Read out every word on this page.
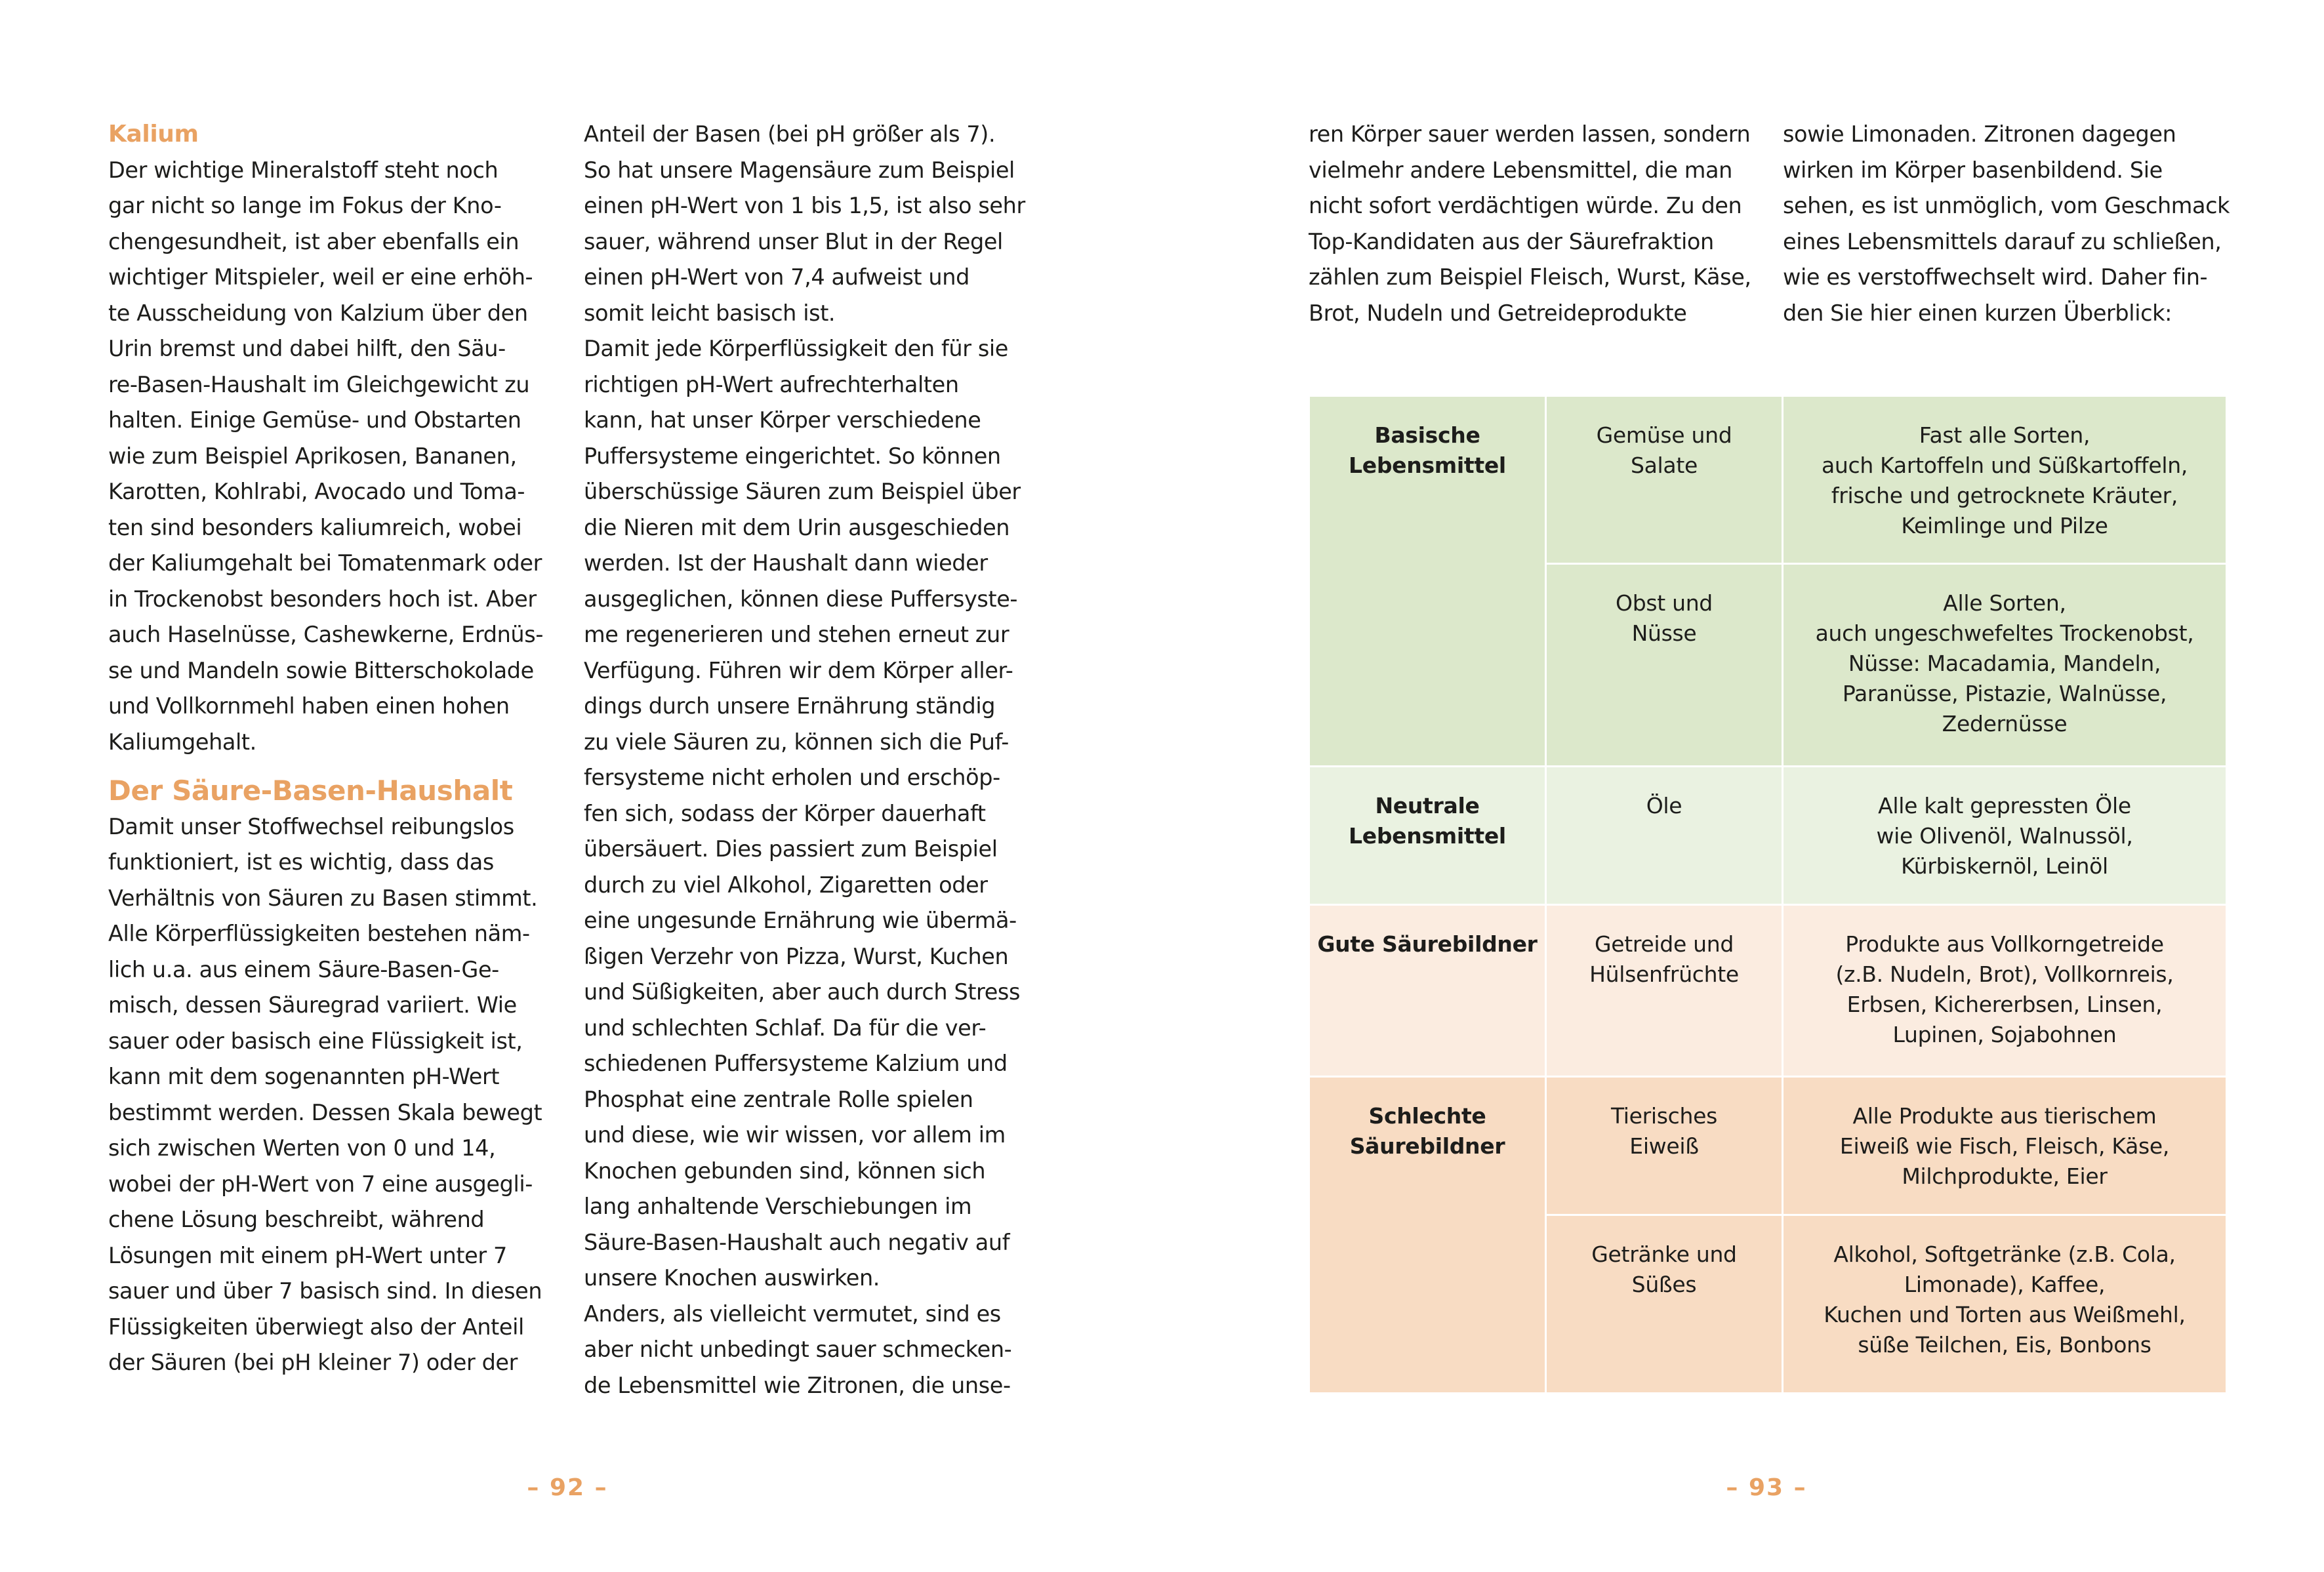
Kalium

Der wichtige Mineralstoff steht noch

gar nicht so lange im Fokus der Kno-

chengesundheit, ist aber ebenfalls ein

wichtiger Mitspieler, weil er eine erhöh-

te Ausscheidung von Kalzium über den

Urin bremst und dabei hilft, den Säu-

re-Basen-Haushalt im Gleichgewicht zu

halten. Einige Gemüse- und Obstarten

wie zum Beispiel Aprikosen, Bananen,

Karotten, Kohlrabi, Avocado und Toma-

ten sind besonders kaliumreich, wobei

der Kaliumgehalt bei Tomatenmark oder

in Trockenobst besonders hoch ist. Aber

auch Haselnüsse, Cashewkerne, Erdnüs-

se und Mandeln sowie Bitterschokolade

und Vollkornmehl haben einen hohen

Kaliumgehalt.

Der Säure-Basen-Haushalt

Damit unser Stoffwechsel reibungslos

funktioniert, ist es wichtig, dass das

Verhältnis von Säuren zu Basen stimmt.

Alle Körperflüssigkeiten bestehen näm-

lich u.a. aus einem Säure-Basen-Ge-

misch, dessen Säuregrad variiert. Wie

sauer oder basisch eine Flüssigkeit ist,

kann mit dem sogenannten pH-Wert

bestimmt werden. Dessen Skala bewegt

sich zwischen Werten von 0 und 14,

wobei der pH-Wert von 7 eine ausgegli-

chene Lösung beschreibt, während

Lösungen mit einem pH-Wert unter 7

sauer und über 7 basisch sind. In diesen

Flüssigkeiten überwiegt also der Anteil

der Säuren (bei pH kleiner 7) oder der

Anteil der Basen (bei pH größer als 7).

So hat unsere Magensäure zum Beispiel

einen pH-Wert von 1 bis 1,5, ist also sehr

sauer, während unser Blut in der Regel

einen pH-Wert von 7,4 aufweist und

somit leicht basisch ist.

Damit jede Körperflüssigkeit den für sie

richtigen pH-Wert aufrechterhalten

kann, hat unser Körper verschiedene

Puffersysteme eingerichtet. So können

überschüssige Säuren zum Beispiel über

die Nieren mit dem Urin ausgeschieden

werden. Ist der Haushalt dann wieder

ausgeglichen, können diese Puffersyste-

me regenerieren und stehen erneut zur

Verfügung. Führen wir dem Körper aller-

dings durch unsere Ernährung ständig

zu viele Säuren zu, können sich die Puf-

fersysteme nicht erholen und erschöp-

fen sich, sodass der Körper dauerhaft

übersäuert. Dies passiert zum Beispiel

durch zu viel Alkohol, Zigaretten oder

eine ungesunde Ernährung wie übermä-

ßigen Verzehr von Pizza, Wurst, Kuchen

und Süßigkeiten, aber auch durch Stress

und schlechten Schlaf. Da für die ver-

schiedenen Puffersysteme Kalzium und

Phosphat eine zentrale Rolle spielen

und diese, wie wir wissen, vor allem im

Knochen gebunden sind, können sich

lang anhaltende Verschiebungen im

Säure-Basen-Haushalt auch negativ auf

unsere Knochen auswirken.

Anders, als vielleicht vermutet, sind es

aber nicht unbedingt sauer schmecken-

de Lebensmittel wie Zitronen, die unse-

– 92 –

ren Körper sauer werden lassen, sondern

vielmehr andere Lebensmittel, die man

nicht sofort verdächtigen würde. Zu den

Top-Kandidaten aus der Säurefraktion

zählen zum Beispiel Fleisch, Wurst, Käse,

Brot, Nudeln und Getreideprodukte

sowie Limonaden. Zitronen dagegen

wirken im Körper basenbildend. Sie

sehen, es ist unmöglich, vom Geschmack

eines Lebensmittels darauf zu schließen,

wie es verstoffwechselt wird. Daher fin-

den Sie hier einen kurzen Überblick:

Basische
Lebensmittel	Gemüse und
Salate	Fast alle Sorten,
auch Kartoffeln und Süßkartoffeln,
frische und getrocknete Kräuter,
Keimlinge und Pilze

	Obst und
Nüsse	Alle Sorten,
auch ungeschwefeltes Trockenobst,
Nüsse: Macadamia, Mandeln,
Paranüsse, Pistazie, Walnüsse,
Zedernüsse

Neutrale
Lebensmittel	Öle	Alle kalt gepressten Öle
wie Olivenöl, Walnussöl,
Kürbiskernöl, Leinöl

Gute Säurebildner	Getreide und
Hülsenfrüchte	Produkte aus Vollkorngetreide
(z.B. Nudeln, Brot), Vollkornreis,
Erbsen, Kichererbsen, Linsen,
Lupinen, Sojabohnen

Schlechte
Säurebildner	Tierisches
Eiweiß	Alle Produkte aus tierischem
Eiweiß wie Fisch, Fleisch, Käse,
Milchprodukte, Eier

	Getränke und
Süßes	Alkohol, Softgetränke (z.B. Cola,
Limonade), Kaffee,
Kuchen und Torten aus Weißmehl,
süße Teilchen, Eis, Bonbons
– 93 –
